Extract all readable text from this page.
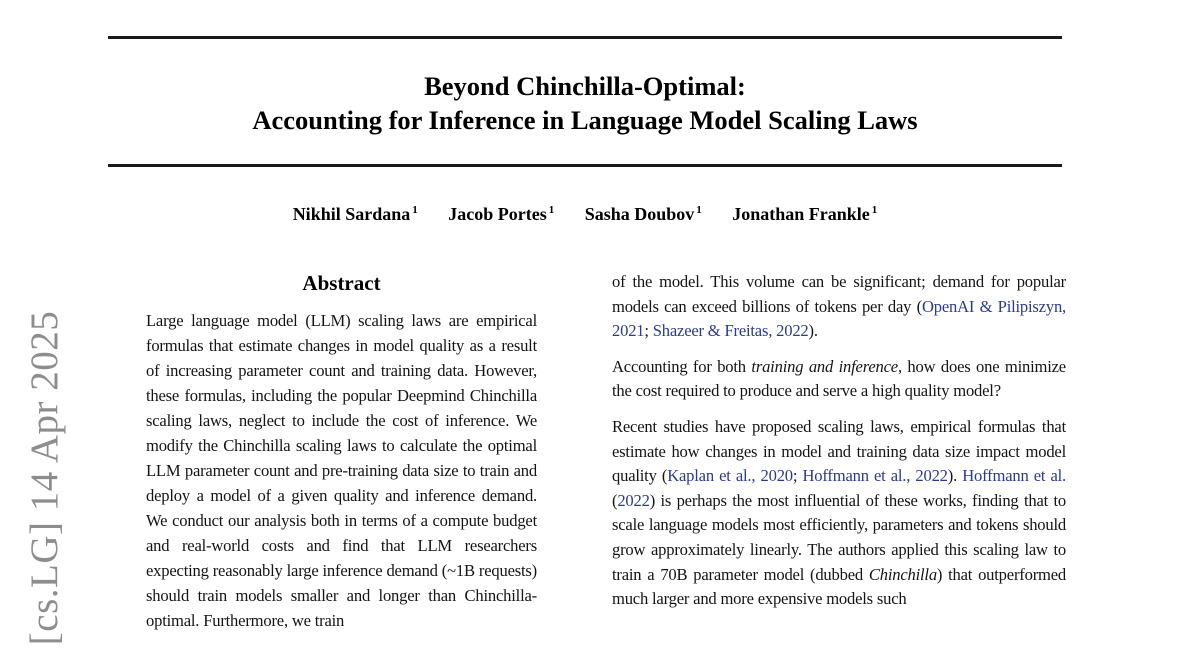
[cs.LG] 14 Apr 2025
Beyond Chinchilla-Optimal:
Accounting for Inference in Language Model Scaling Laws
Nikhil Sardana $^1$ Jacob Portes $^1$ Sasha Doubov $^1$ Jonathan Frankle $^1$
Abstract
Large language model (LLM) scaling laws are empirical formulas that estimate changes in model quality as a result of increasing parameter count and training data. However, these formulas, including the popular Deepmind Chinchilla scaling laws, neglect to include the cost of inference. We modify the Chinchilla scaling laws to calculate the optimal LLM parameter count and pre-training data size to train and deploy a model of a given quality and inference demand. We conduct our analysis both in terms of a compute budget and real-world costs and find that LLM researchers expecting reasonably large inference demand (~1B requests) should train models smaller and longer than Chinchilla-optimal. Furthermore, we train

of the model. This volume can be significant; demand for popular models can exceed billions of tokens per day (OpenAI & Pilipiszyn, 2021; Shazeer & Freitas, 2022).

Accounting for both training and inference, how does one minimize the cost required to produce and serve a high quality model?

Recent studies have proposed scaling laws, empirical formulas that estimate how changes in model and training data size impact model quality (Kaplan et al., 2020; Hoffmann et al., 2022). Hoffmann et al. (2022) is perhaps the most influential of these works, finding that to scale language models most efficiently, parameters and tokens should grow approximately linearly. The authors applied this scaling law to train a 70B parameter model (dubbed Chinchilla) that outperformed much larger and more expensive models such
